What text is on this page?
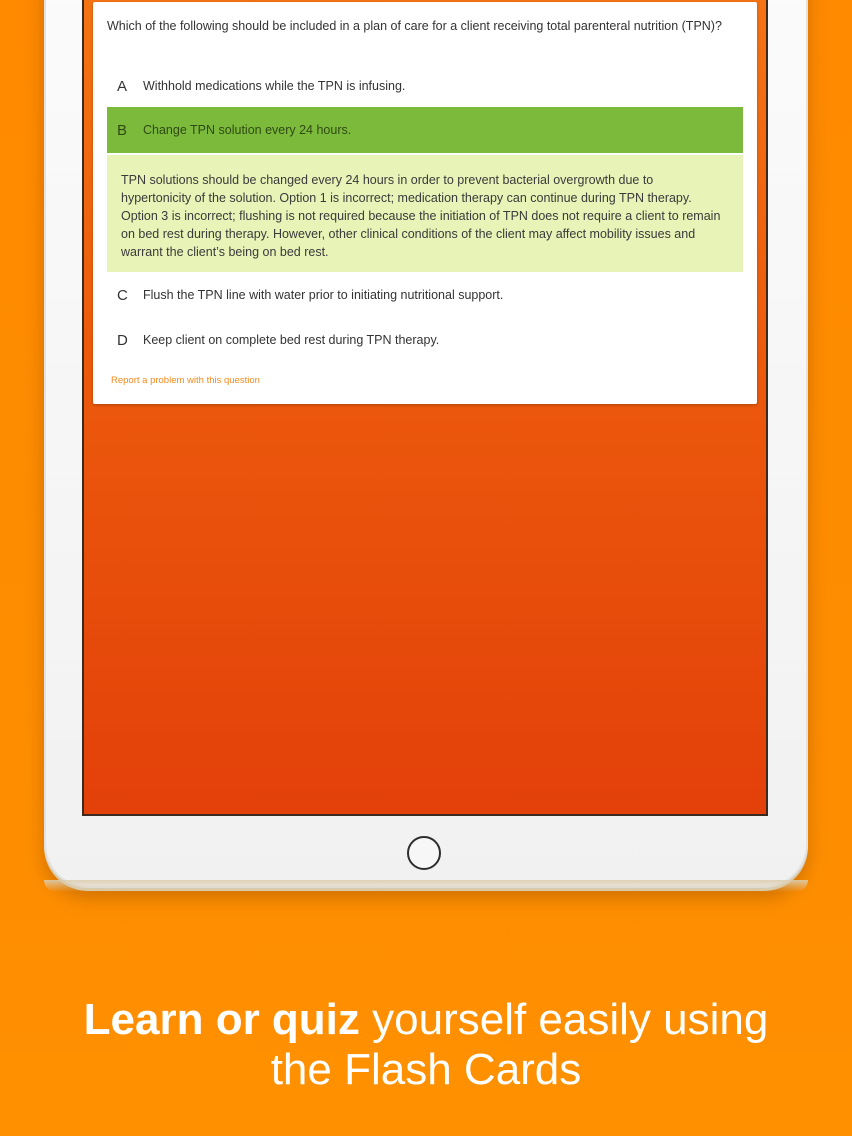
Which of the following should be included in a plan of care for a client receiving total parenteral nutrition (TPN)?
A	Withhold medications while the TPN is infusing.
B	Change TPN solution every 24 hours.
TPN solutions should be changed every 24 hours in order to prevent bacterial overgrowth due to hypertonicity of the solution. Option 1 is incorrect; medication therapy can continue during TPN therapy. Option 3 is incorrect; flushing is not required because the initiation of TPN does not require a client to remain on bed rest during therapy. However, other clinical conditions of the client may affect mobility issues and warrant the client’s being on bed rest.
C	Flush the TPN line with water prior to initiating nutritional support.
D	Keep client on complete bed rest during TPN therapy.
Report a problem with this question
Learn or quiz yourself easily using
the Flash Cards
